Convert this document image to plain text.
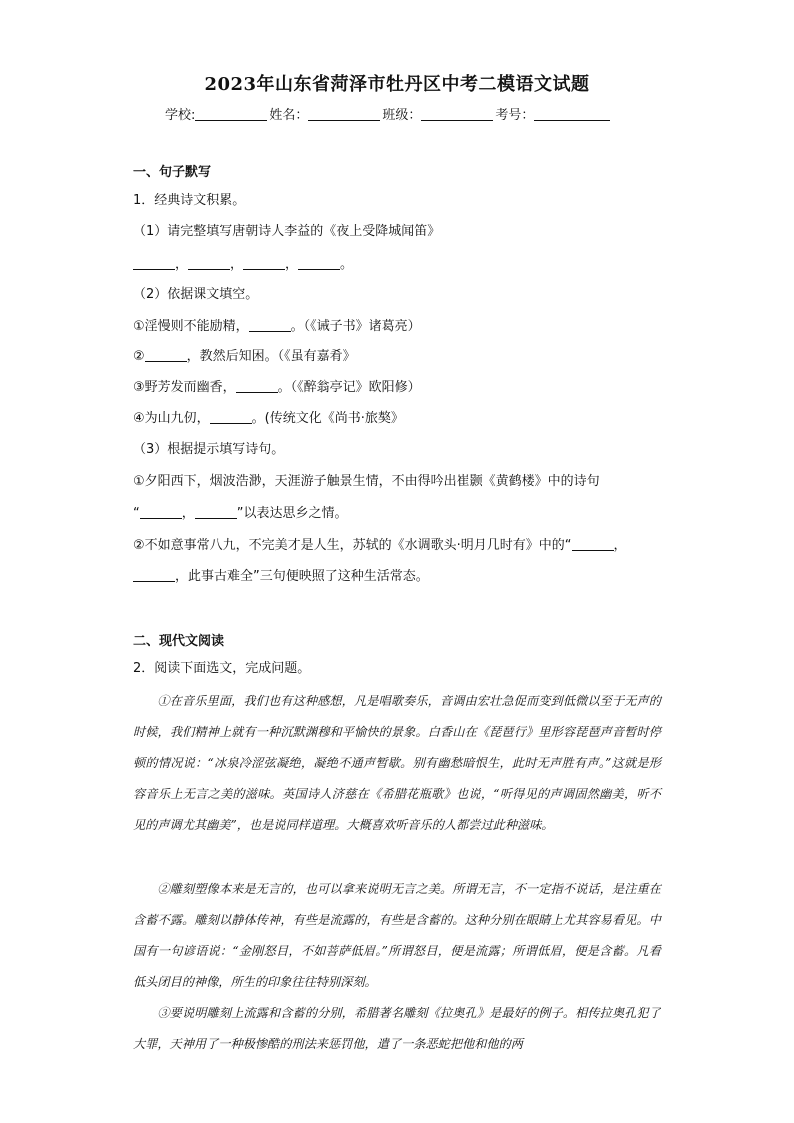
2023年山东省菏泽市牡丹区中考二模语文试题
学校:	姓名：	班级：	考号：
一、句子默写
1．经典诗文积累。
（1）请完整填写唐朝诗人李益的《夜上受降城闻笛》
，	，	，	。
（2）依据课文填空。
①淫慢则不能励精，	。（《诫子书》诸葛亮）
②	，教然后知困。（《虽有嘉肴》
③野芳发而幽香，	。（《醉翁亭记》欧阳修）
④为山九仞，	。(传统文化《尚书·旅獒》
（3）根据提示填写诗句。
①夕阳西下，烟波浩渺，天涯游子触景生情，不由得吟出崔颢《黄鹤楼》中的诗句
“	，	”以表达思乡之情。
②不如意事常八九，不完美才是人生，苏轼的《水调歌头·明月几时有》中的“	，
，此事古难全”三句便映照了这种生活常态。
二、现代文阅读
2．阅读下面选文，完成问题。
①在音乐里面，我们也有这种感想，凡是唱歌奏乐，音调由宏壮急促而变到低微以至于无声的时候，我们精神上就有一种沉默渊穆和平愉快的景象。白香山在《琵琶行》里形容琵琶声音暂时停顿的情况说：“冰泉冷涩弦凝绝，凝绝不通声暂歇。别有幽愁暗恨生，此时无声胜有声。”这就是形容音乐上无言之美的滋味。英国诗人济慈在《希腊花瓶歌》也说，“听得见的声调固然幽美，听不见的声调尤其幽美”，也是说同样道理。大概喜欢听音乐的人都尝过此种滋味。
②雕刻塑像本来是无言的，也可以拿来说明无言之美。所谓无言，不一定指不说话，是注重在含蓄不露。雕刻以静体传神，有些是流露的，有些是含蓄的。这种分别在眼睛上尤其容易看见。中国有一句谚语说：“金刚怒目，不如菩萨低眉。”所谓怒目，便是流露；所谓低眉，便是含蓄。凡看低头闭目的神像，所生的印象往往特别深刻。
③要说明雕刻上流露和含蓄的分别，希腊著名雕刻《拉奥孔》是最好的例子。相传拉奥孔犯了大罪，天神用了一种极惨酷的刑法来惩罚他，遣了一条恶蛇把他和他的两
